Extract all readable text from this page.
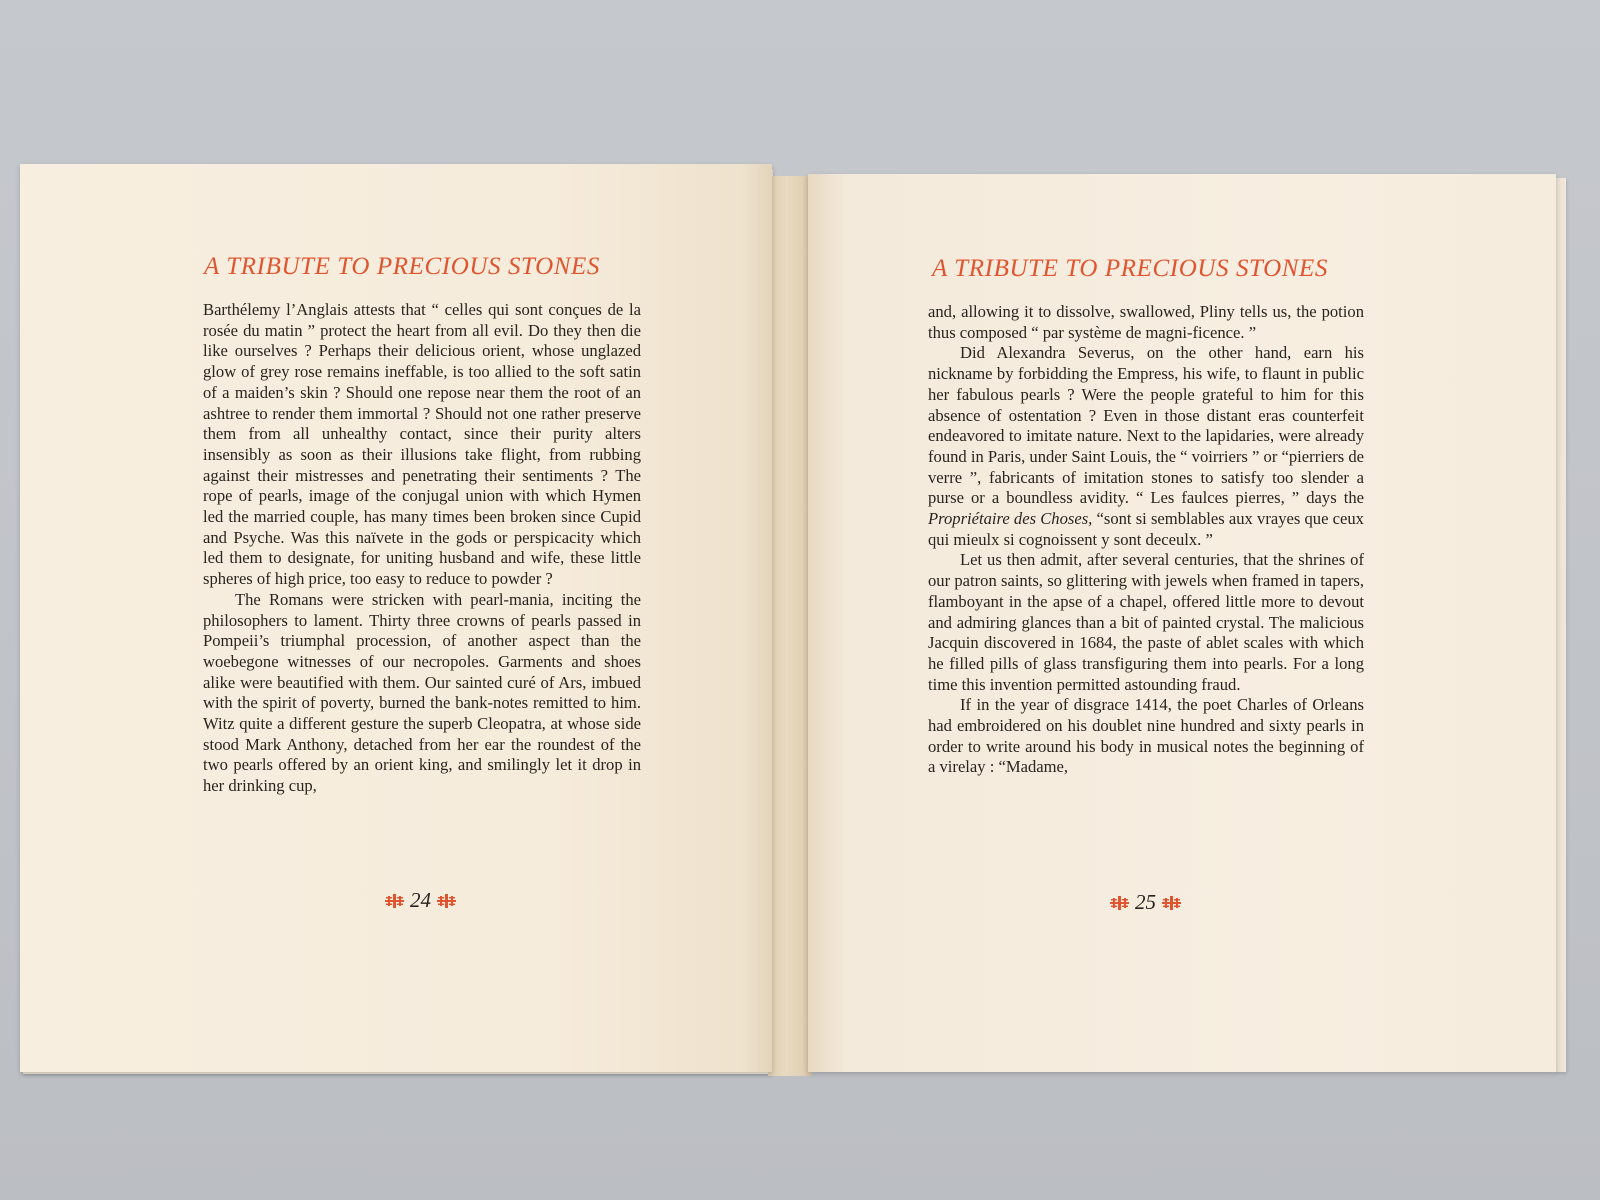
A TRIBUTE TO PRECIOUS STONES

Barthélemy l’Anglais attests that “ celles qui sont conçues de la rosée du matin ” protect the heart from all evil. Do they then die like ourselves ? Perhaps their delicious orient, whose unglazed glow of grey rose remains ineffable, is too allied to the soft satin of a maiden’s skin ? Should one repose near them the root of an ashtree to render them immortal ? Should not one rather preserve them from all unhealthy contact, since their purity alters insensibly as soon as their illusions take flight, from rubbing against their mistresses and penetrating their sentiments ? The rope of pearls, image of the conjugal union with which Hymen led the married couple, has many times been broken since Cupid and Psyche. Was this naïvete in the gods or perspicacity which led them to designate, for uniting husband and wife, these little spheres of high price, too easy to reduce to powder ?

The Romans were stricken with pearl-mania, inciting the philosophers to lament. Thirty three crowns of pearls passed in Pompeii’s triumphal procession, of another aspect than the woebegone witnesses of our necropoles. Garments and shoes alike were beautified with them. Our sainted curé of Ars, imbued with the spirit of poverty, burned the bank-notes remitted to him. Witz quite a different gesture the superb Cleopatra, at whose side stood Mark Anthony, detached from her ear the roundest of the two pearls offered by an orient king, and smilingly let it drop in her drinking cup,

24
A TRIBUTE TO PRECIOUS STONES

and, allowing it to dissolve, swallowed, Pliny tells us, the potion thus composed “ par système de magni-ficence. ”

Did Alexandra Severus, on the other hand, earn his nickname by forbidding the Empress, his wife, to flaunt in public her fabulous pearls ? Were the people grateful to him for this absence of ostentation ? Even in those distant eras counterfeit endeavored to imitate nature. Next to the lapidaries, were already found in Paris, under Saint Louis, the “ voirriers ” or “pierriers de verre ”, fabricants of imitation stones to satisfy too slender a purse or a boundless avidity. “ Les faulces pierres, ” days the Propriétaire des Choses, “sont si semblables aux vrayes que ceux qui mieulx si cognoissent y sont deceulx. ”

Let us then admit, after several centuries, that the shrines of our patron saints, so glittering with jewels when framed in tapers, flamboyant in the apse of a chapel, offered little more to devout and admiring glances than a bit of painted crystal. The malicious Jacquin discovered in 1684, the paste of ablet scales with which he filled pills of glass transfiguring them into pearls. For a long time this invention permitted astounding fraud.

If in the year of disgrace 1414, the poet Charles of Orleans had embroidered on his doublet nine hundred and sixty pearls in order to write around his body in musical notes the beginning of a virelay : “Madame,

25
